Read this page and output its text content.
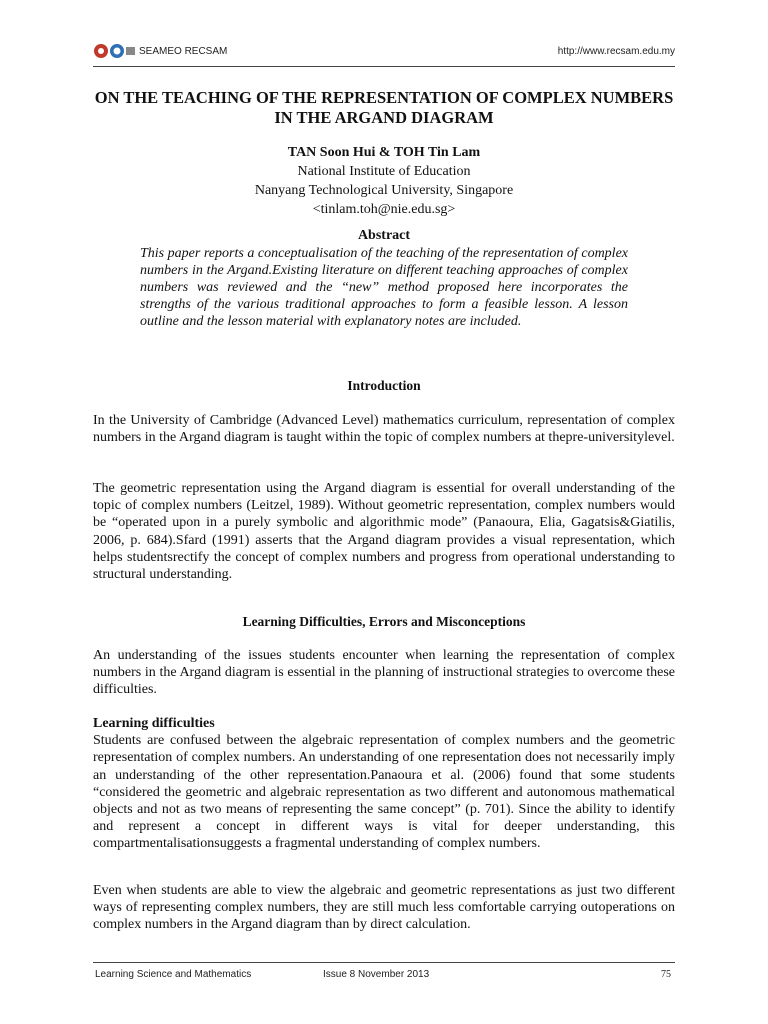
SEAMEO RECSAM	http://www.recsam.edu.my
ON THE TEACHING OF THE REPRESENTATION OF COMPLEX NUMBERS IN THE ARGAND DIAGRAM
TAN Soon Hui & TOH Tin Lam
National Institute of Education
Nanyang Technological University, Singapore
<tinlam.toh@nie.edu.sg>
Abstract

This paper reports a conceptualisation of the teaching of the representation of complex numbers in the Argand.Existing literature on different teaching approaches of complex numbers was reviewed and the “new” method proposed here incorporates the strengths of the various traditional approaches to form a feasible lesson. A lesson outline and the lesson material with explanatory notes are included.

Introduction

In the University of Cambridge (Advanced Level) mathematics curriculum, representation of complex numbers in the Argand diagram is taught within the topic of complex numbers at thepre-universitylevel.

The geometric representation using the Argand diagram is essential for overall understanding of the topic of complex numbers (Leitzel, 1989). Without geometric representation, complex numbers would be “operated upon in a purely symbolic and algorithmic mode” (Panaoura, Elia, Gagatsis&Giatilis, 2006, p. 684).Sfard (1991) asserts that the Argand diagram provides a visual representation, which helps studentsrectify the concept of complex numbers and progress from operational understanding to structural understanding.

Learning Difficulties, Errors and Misconceptions

An understanding of the issues students encounter when learning the representation of complex numbers in the Argand diagram is essential in the planning of instructional strategies to overcome these difficulties.

Learning difficulties
Students are confused between the algebraic representation of complex numbers and the geometric representation of complex numbers. An understanding of one representation does not necessarily imply an understanding of the other representation.Panaoura et al. (2006) found that some students “considered the geometric and algebraic representation as two different and autonomous mathematical objects and not as two means of representing the same concept” (p. 701). Since the ability to identify and represent a concept in different ways is vital for deeper understanding, this compartmentalisationsuggests a fragmental understanding of complex numbers.

Even when students are able to view the algebraic and geometric representations as just two different ways of representing complex numbers, they are still much less comfortable carrying outoperations on complex numbers in the Argand diagram than by direct calculation.

Learning Science and Mathematics	Issue 8 November 2013	75
